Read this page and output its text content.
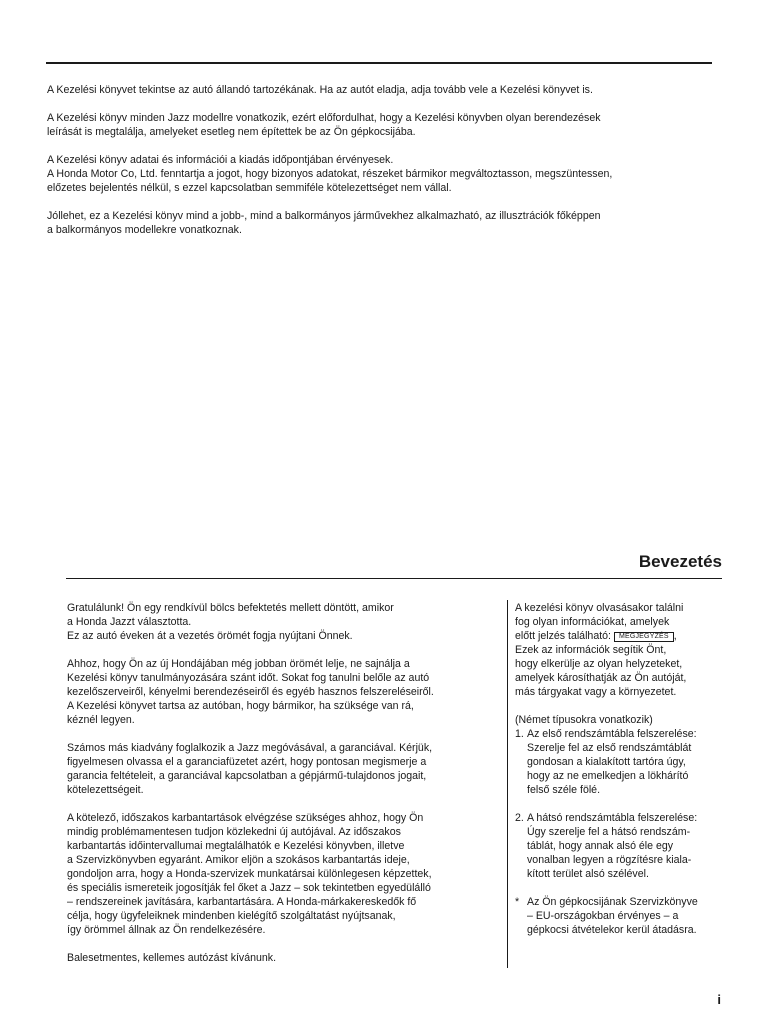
A Kezelési könyvet tekintse az autó állandó tartozékának. Ha az autót eladja, adja tovább vele a Kezelési könyvet is.

A Kezelési könyv minden Jazz modellre vonatkozik, ezért előfordulhat, hogy a Kezelési könyvben olyan berendezések
leírását is megtalálja, amelyeket esetleg nem építettek be az Ön gépkocsijába.

A Kezelési könyv adatai és információi a kiadás időpontjában érvényesek.
A Honda Motor Co, Ltd. fenntartja a jogot, hogy bizonyos adatokat, részeket bármikor megváltoztasson, megszüntessen,
előzetes bejelentés nélkül, s ezzel kapcsolatban semmiféle kötelezettséget nem vállal.

Jóllehet, ez a Kezelési könyv mind a jobb-, mind a balkormányos járművekhez alkalmazható, az illusztrációk főképpen
a balkormányos modellekre vonatkoznak.

Bevezetés

Gratulálunk! Ön egy rendkívül bölcs befektetés mellett döntött, amikor
a Honda Jazzt választotta.
Ez az autó éveken át a vezetés örömét fogja nyújtani Önnek.

Ahhoz, hogy Ön az új Hondájában még jobban örömét lelje, ne sajnálja a
Kezelési könyv tanulmányozására szánt időt. Sokat fog tanulni belőle az autó
kezelőszerveiről, kényelmi berendezéseiről és egyéb hasznos felszereléseiről.
A Kezelési könyvet tartsa az autóban, hogy bármikor, ha szüksége van rá,
kéznél legyen.

Számos más kiadvány foglalkozik a Jazz megóvásával, a garanciával. Kérjük,
figyelmesen olvassa el a garanciafüzetet azért, hogy pontosan megismerje a
garancia feltételeit, a garanciával kapcsolatban a gépjármű-tulajdonos jogait,
kötelezettségeit.

A kötelező, időszakos karbantartások elvégzése szükséges ahhoz, hogy Ön
mindig problémamentesen tudjon közlekedni új autójával. Az időszakos
karbantartás időintervallumai megtalálhatók e Kezelési könyvben, illetve
a Szervizkönyvben egyaránt. Amikor eljön a szokásos karbantartás ideje,
gondoljon arra, hogy a Honda-szervizek munkatársai különlegesen képzettek,
és speciális ismereteik jogosítják fel őket a Jazz – sok tekintetben egyedülálló
– rendszereinek javítására, karbantartására. A Honda-márkakereskedők fő
célja, hogy ügyfeleiknek mindenben kielégítő szolgáltatást nyújtsanak,
így örömmel állnak az Ön rendelkezésére.

Balesetmentes, kellemes autózást kívánunk.

A kezelési könyv olvasásakor találni
fog olyan információkat, amelyek
előtt jelzés található: MEGJEGYZÉS ,
Ezek az információk segítik Önt,
hogy elkerülje az olyan helyzeteket,
amelyek károsíthatják az Ön autóját,
más tárgyakat vagy a környezetet.

(Német típusokra vonatkozik)

1. Az első rendszámtábla felszerelése:
Szerelje fel az első rendszámtáblát
gondosan a kialakított tartóra úgy,
hogy az ne emelkedjen a lökhárító
felső széle fölé.
2. A hátsó rendszámtábla felszerelése:
Úgy szerelje fel a hátsó rendszám-
táblát, hogy annak alsó éle egy
vonalban legyen a rögzítésre kiala-
kított terület alsó szélével.
* Az Ön gépkocsijának Szervizkönyve
– EU-országokban érvényes – a
gépkocsi átvételekor kerül átadásra.
i
